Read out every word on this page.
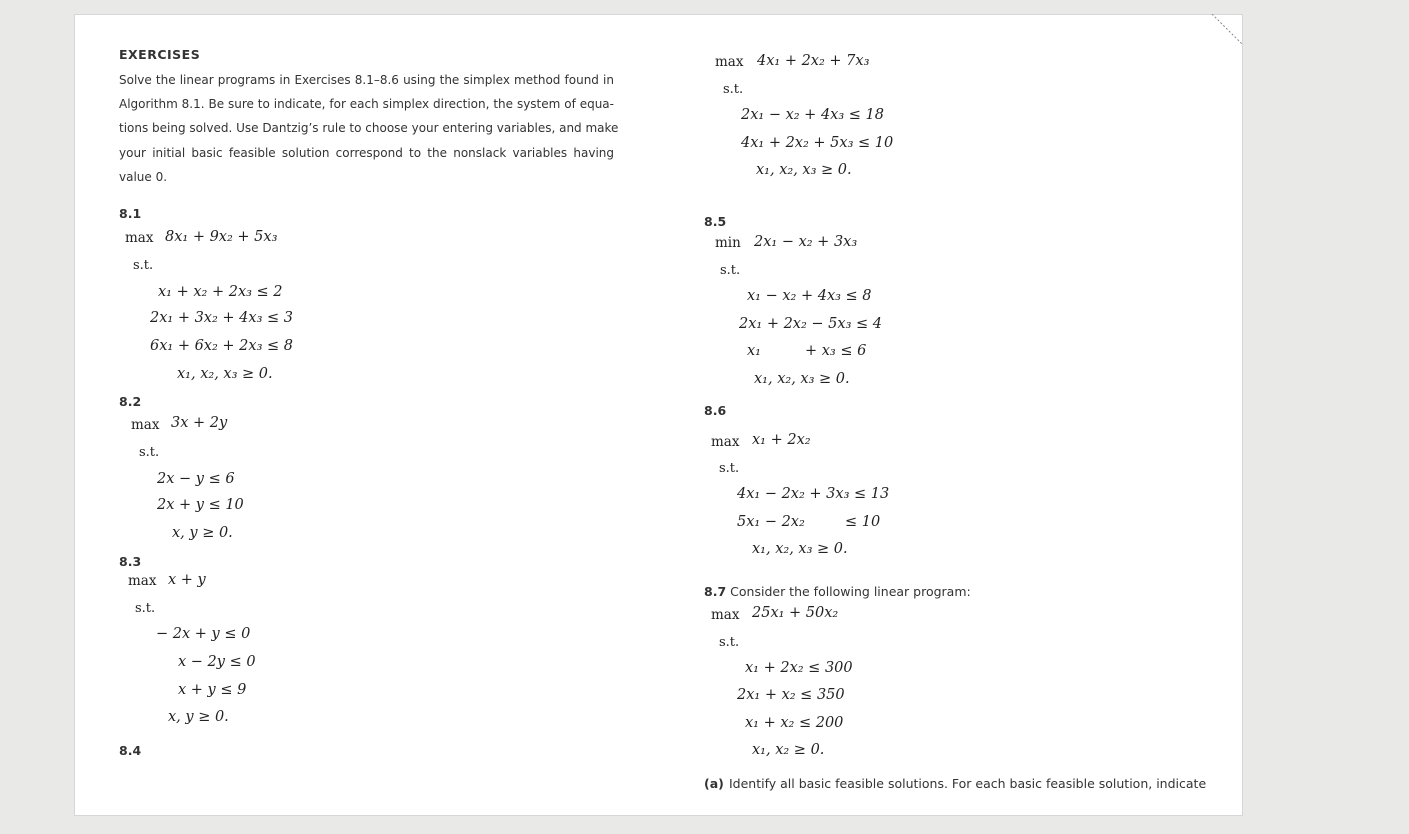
EXERCISES
Solve the linear programs in Exercises 8.1–8.6 using the simplex method found in
Algorithm 8.1. Be sure to indicate, for each simplex direction, the system of equa-
tions being solved. Use Dantzig’s rule to choose your entering variables, and make
your initial basic feasible solution correspond to the nonslack variables having
value 0.
8.1
max 8x₁ + 9x₂ + 5x₃
s.t.
x₁ + x₂ + 2x₃ ≤ 2
2x₁ + 3x₂ + 4x₃ ≤ 3
6x₁ + 6x₂ + 2x₃ ≤ 8
x₁, x₂, x₃ ≥ 0.
8.2
max 3x + 2y
s.t.
2x − y ≤ 6
2x + y ≤ 10
x, y ≥ 0.
8.3
max x + y
s.t.
− 2x + y ≤ 0
x − 2y ≤ 0
x + y ≤ 9
x, y ≥ 0.
8.4
max 4x₁ + 2x₂ + 7x₃
s.t.
2x₁ − x₂ + 4x₃ ≤ 18
4x₁ + 2x₂ + 5x₃ ≤ 10
x₁, x₂, x₃ ≥ 0.
8.5
min 2x₁ − x₂ + 3x₃
s.t.
x₁ − x₂ + 4x₃ ≤ 8
2x₁ + 2x₂ − 5x₃ ≤ 4
x₁	+ x₃ ≤ 6
x₁, x₂, x₃ ≥ 0.
8.6
max x₁ + 2x₂
s.t.
4x₁ − 2x₂ + 3x₃ ≤ 13
5x₁ − 2x₂	≤ 10
x₁, x₂, x₃ ≥ 0.
8.7 Consider the following linear program:
max 25x₁ + 50x₂
s.t.
x₁ + 2x₂ ≤ 300
2x₁ + x₂ ≤ 350
x₁ + x₂ ≤ 200
x₁, x₂ ≥ 0.
(a) Identify all basic feasible solutions. For each basic feasible solution, indicate
